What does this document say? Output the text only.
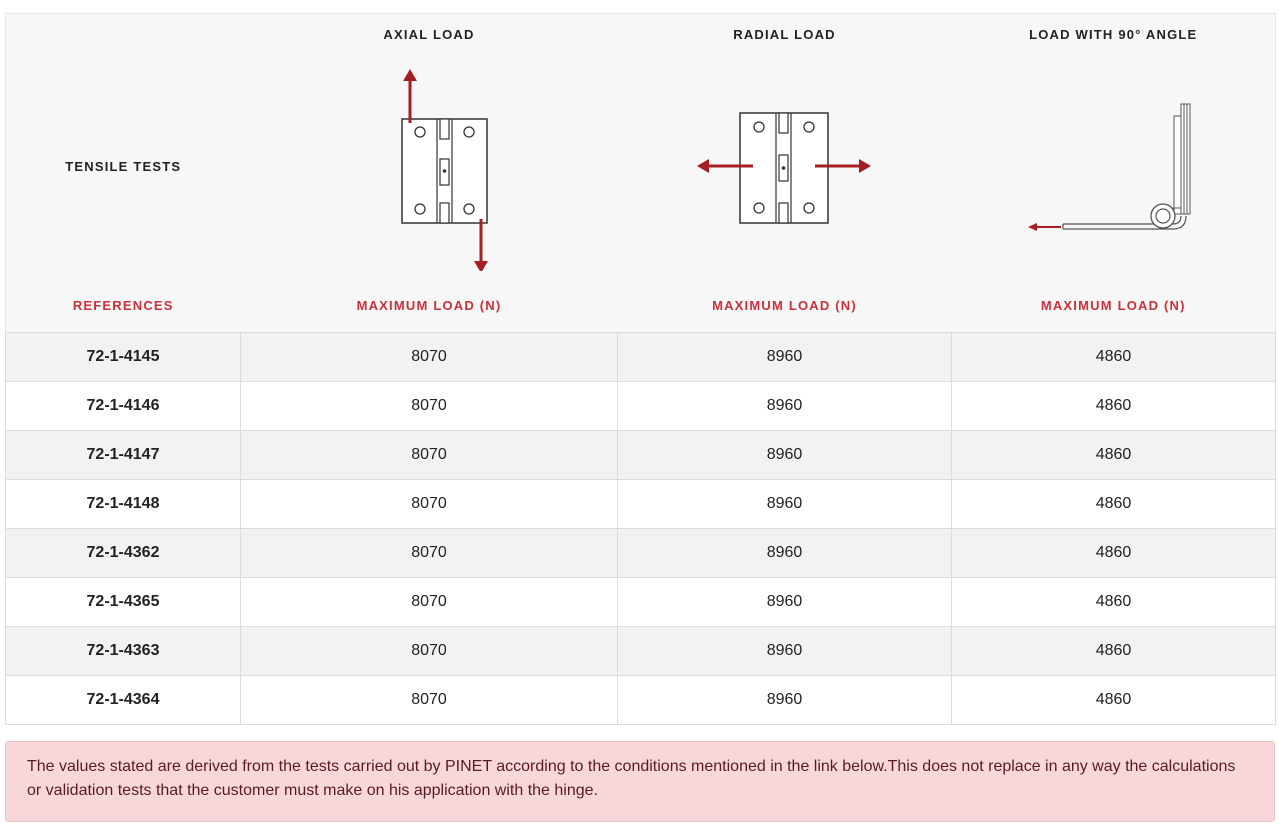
	AXIAL LOAD	RADIAL LOAD	LOAD WITH 90° ANGLE
TENSILE TESTS	

REFERENCES	MAXIMUM LOAD (N)	MAXIMUM LOAD (N)	MAXIMUM LOAD (N)
72-1-4145	8070	8960	4860
72-1-4146	8070	8960	4860
72-1-4147	8070	8960	4860
72-1-4148	8070	8960	4860
72-1-4362	8070	8960	4860
72-1-4365	8070	8960	4860
72-1-4363	8070	8960	4860
72-1-4364	8070	8960	4860
The values stated are derived from the tests carried out by PINET according to the conditions mentioned in the link below.This does not replace in any way the calculations or validation tests that the customer must make on his application with the hinge.
